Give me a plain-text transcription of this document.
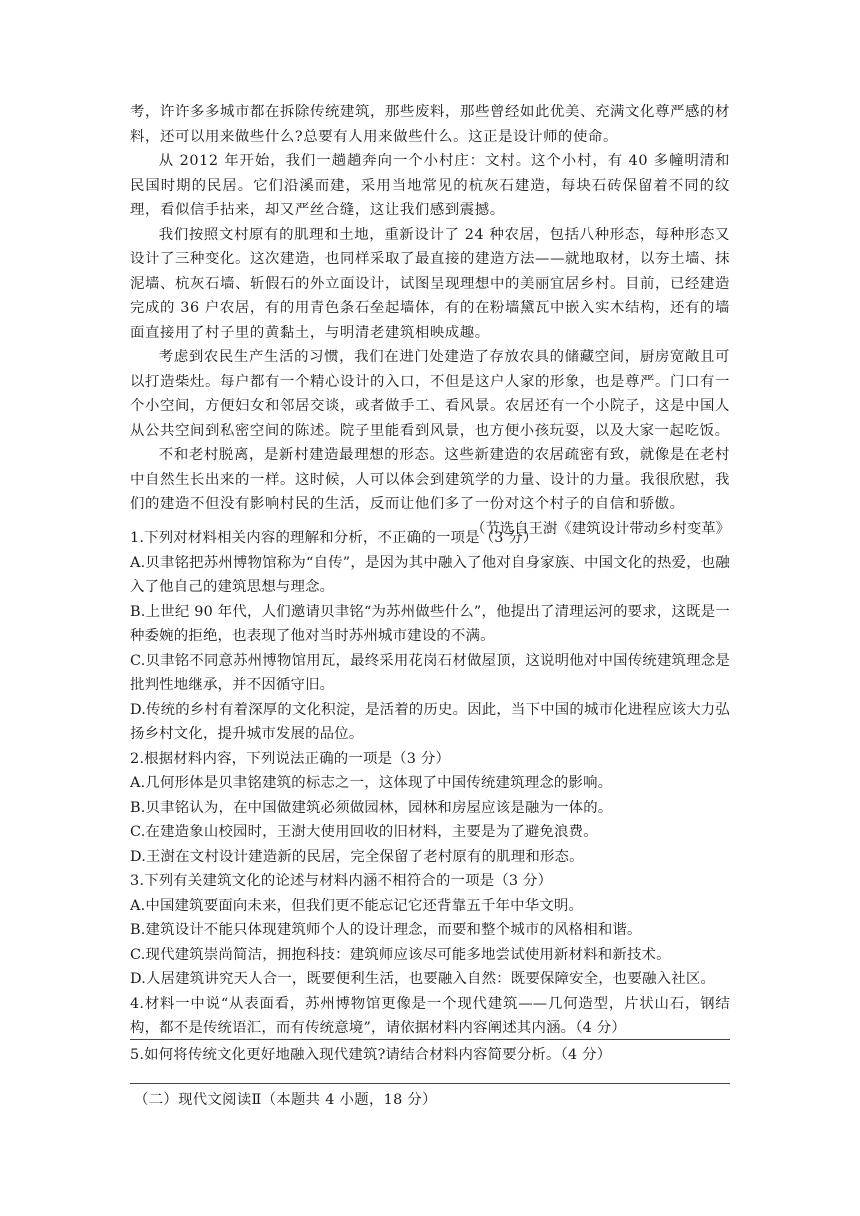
考，许许多多城市都在拆除传统建筑，那些废料，那些曾经如此优美、充满文化尊严感的材料，还可以用来做些什么?总要有人用来做些什么。这正是设计师的使命。

从 2012 年开始，我们一趟趟奔向一个小村庄：文村。这个小村，有 40 多幢明清和民国时期的民居。它们沿溪而建，采用当地常见的杭灰石建造，每块石砖保留着不同的纹理，看似信手拈来，却又严丝合缝，这让我们感到震撼。

我们按照文村原有的肌理和土地，重新设计了 24 种农居，包括八种形态，每种形态又设计了三种变化。这次建造，也同样采取了最直接的建造方法——就地取材，以夯土墙、抹泥墙、杭灰石墙、斩假石的外立面设计，试图呈现理想中的美丽宜居乡村。目前，已经建造完成的 36 户农居，有的用青色条石垒起墙体，有的在粉墙黛瓦中嵌入实木结构，还有的墙面直接用了村子里的黄黏土，与明清老建筑相映成趣。

考虑到农民生产生活的习惯，我们在进门处建造了存放农具的储藏空间，厨房宽敞且可以打造柴灶。每户都有一个精心设计的入口，不但是这户人家的形象，也是尊严。门口有一个小空间，方便妇女和邻居交谈，或者做手工、看风景。农居还有一个小院子，这是中国人从公共空间到私密空间的陈述。院子里能看到风景，也方便小孩玩耍，以及大家一起吃饭。

不和老村脱离，是新村建造最理想的形态。这些新建造的农居疏密有致，就像是在老村中自然生长出来的一样。这时候，人可以体会到建筑学的力量、设计的力量。我很欣慰，我们的建造不但没有影响村民的生活，反而让他们多了一份对这个村子的自信和骄傲。

（节选自王澍《建筑设计带动乡村变革》

1.下列对材料相关内容的理解和分析，不正确的一项是（3 分）

A.贝聿铭把苏州博物馆称为“自传”，是因为其中融入了他对自身家族、中国文化的热爱，也融入了他自己的建筑思想与理念。

B.上世纪 90 年代，人们邀请贝聿铭“为苏州做些什么”，他提出了清理运河的要求，这既是一种委婉的拒绝，也表现了他对当时苏州城市建设的不满。

C.贝聿铭不同意苏州博物馆用瓦，最终采用花岗石材做屋顶，这说明他对中国传统建筑理念是批判性地继承，并不因循守旧。

D.传统的乡村有着深厚的文化积淀，是活着的历史。因此，当下中国的城市化进程应该大力弘扬乡村文化，提升城市发展的品位。

2.根据材料内容，下列说法正确的一项是（3 分）

A.几何形体是贝聿铭建筑的标志之一，这体现了中国传统建筑理念的影响。

B.贝聿铭认为，在中国做建筑必须做园林，园林和房屋应该是融为一体的。

C.在建造象山校园时，王澍大使用回收的旧材料，主要是为了避免浪费。

D.王澍在文村设计建造新的民居，完全保留了老村原有的肌理和形态。

3.下列有关建筑文化的论述与材料内涵不相符合的一项是（3 分）

A.中国建筑要面向未来，但我们更不能忘记它还背靠五千年中华文明。

B.建筑设计不能只体现建筑师个人的设计理念，而要和整个城市的风格相和谐。

C.现代建筑崇尚简洁，拥抱科技：建筑师应该尽可能多地尝试使用新材料和新技术。

D.人居建筑讲究天人合一，既要便利生活，也要融入自然：既要保障安全，也要融入社区。

4.材料一中说“从表面看，苏州博物馆更像是一个现代建筑——几何造型，片状山石，钢结构，都不是传统语汇，而有传统意境”，请依据材料内容阐述其内涵。（4 分）

5.如何将传统文化更好地融入现代建筑?请结合材料内容简要分析。（4 分）

（二）现代文阅读Ⅱ（本题共 4 小题，18 分）
